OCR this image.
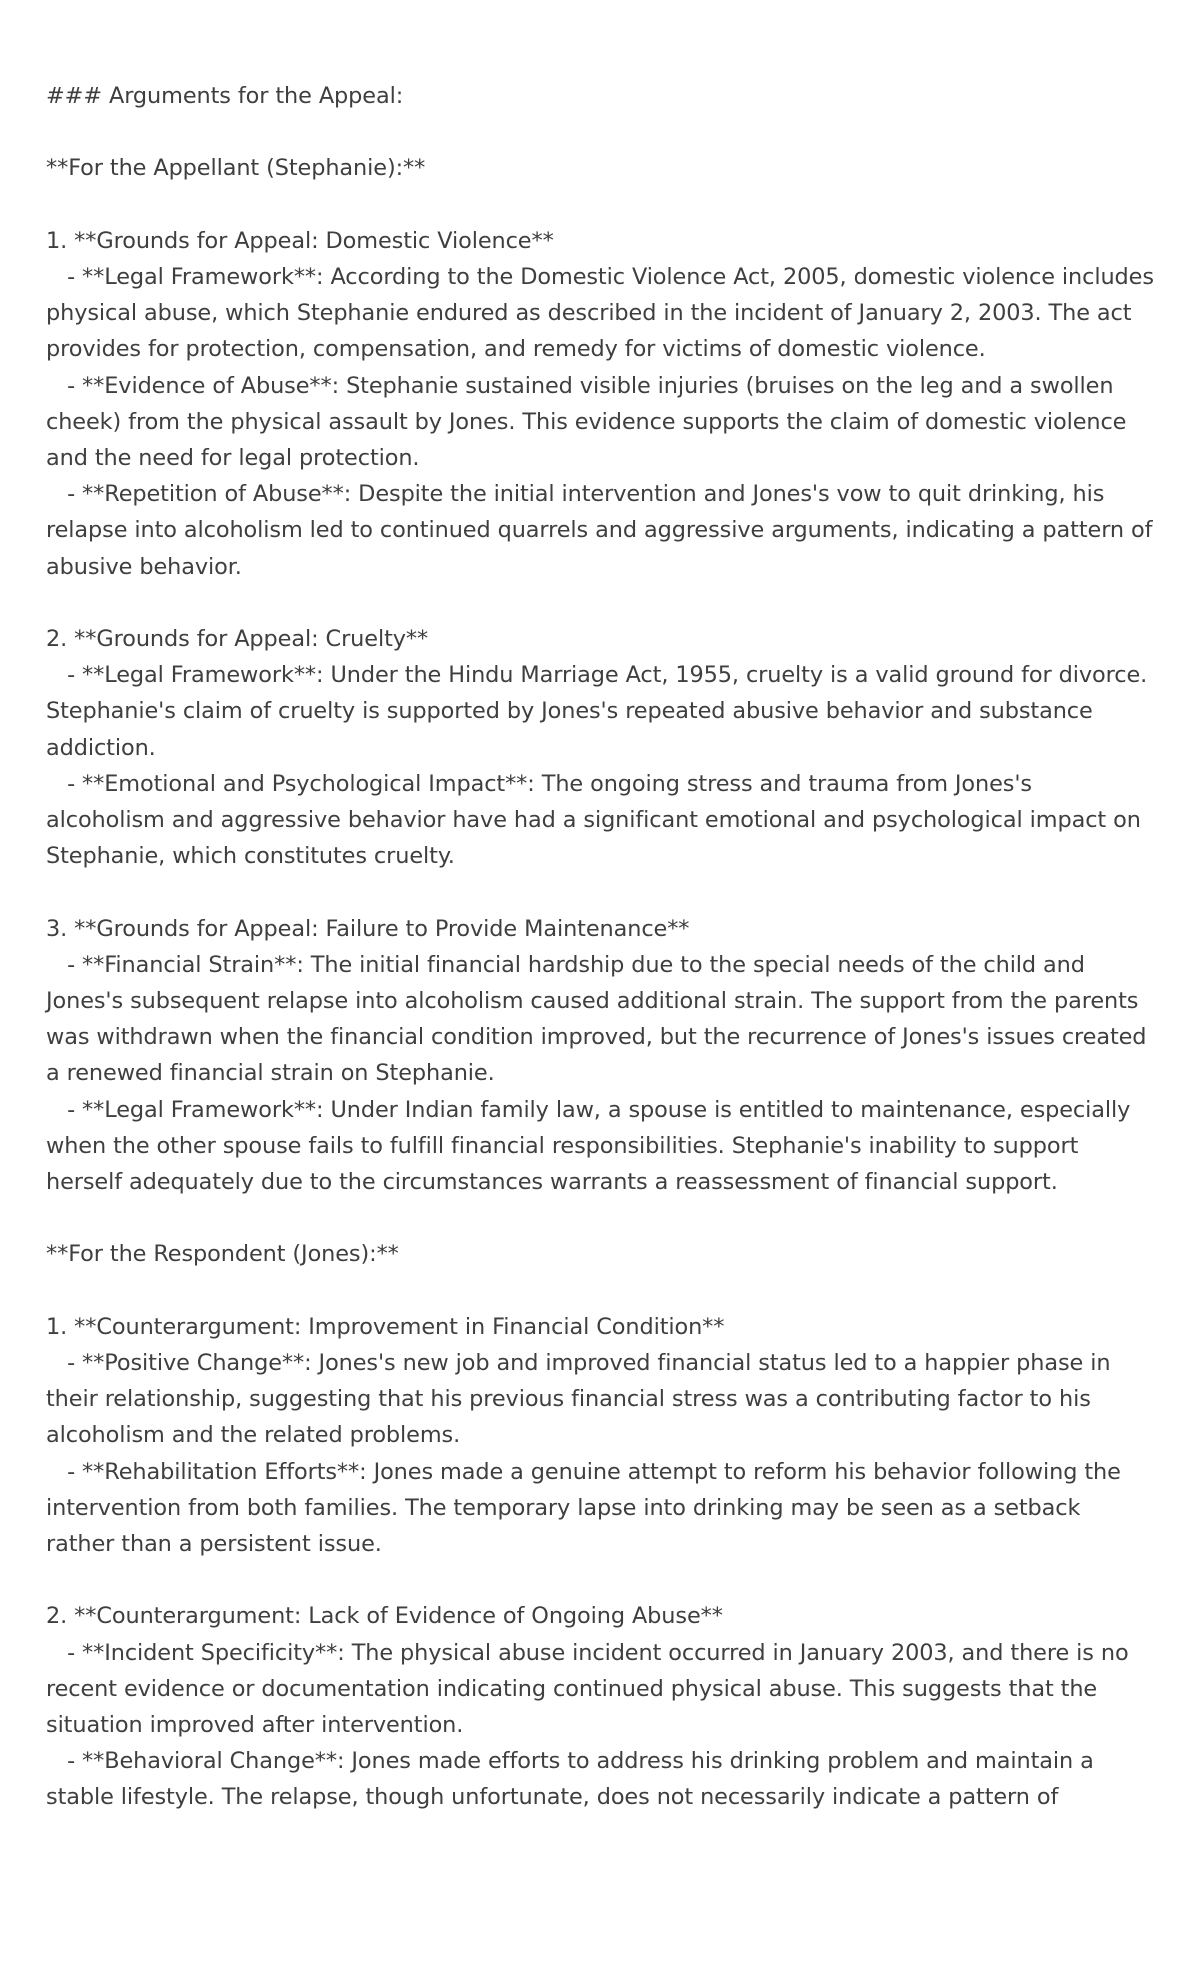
### Arguments for the Appeal:

**For the Appellant (Stephanie):**

1. **Grounds for Appeal: Domestic Violence**

- **Legal Framework**: According to the Domestic Violence Act, 2005, domestic violence includes physical abuse, which Stephanie endured as described in the incident of January 2, 2003. The act provides for protection, compensation, and remedy for victims of domestic violence.

- **Evidence of Abuse**: Stephanie sustained visible injuries (bruises on the leg and a swollen cheek) from the physical assault by Jones. This evidence supports the claim of domestic violence and the need for legal protection.

- **Repetition of Abuse**: Despite the initial intervention and Jones's vow to quit drinking, his relapse into alcoholism led to continued quarrels and aggressive arguments, indicating a pattern of abusive behavior.

2. **Grounds for Appeal: Cruelty**

- **Legal Framework**: Under the Hindu Marriage Act, 1955, cruelty is a valid ground for divorce. Stephanie's claim of cruelty is supported by Jones's repeated abusive behavior and substance addiction.

- **Emotional and Psychological Impact**: The ongoing stress and trauma from Jones's alcoholism and aggressive behavior have had a significant emotional and psychological impact on Stephanie, which constitutes cruelty.

3. **Grounds for Appeal: Failure to Provide Maintenance**

- **Financial Strain**: The initial financial hardship due to the special needs of the child and Jones's subsequent relapse into alcoholism caused additional strain. The support from the parents was withdrawn when the financial condition improved, but the recurrence of Jones's issues created a renewed financial strain on Stephanie.

- **Legal Framework**: Under Indian family law, a spouse is entitled to maintenance, especially when the other spouse fails to fulfill financial responsibilities. Stephanie's inability to support herself adequately due to the circumstances warrants a reassessment of financial support.

**For the Respondent (Jones):**

1. **Counterargument: Improvement in Financial Condition**

- **Positive Change**: Jones's new job and improved financial status led to a happier phase in their relationship, suggesting that his previous financial stress was a contributing factor to his alcoholism and the related problems.

- **Rehabilitation Efforts**: Jones made a genuine attempt to reform his behavior following the intervention from both families. The temporary lapse into drinking may be seen as a setback rather than a persistent issue.

2. **Counterargument: Lack of Evidence of Ongoing Abuse**

- **Incident Specificity**: The physical abuse incident occurred in January 2003, and there is no recent evidence or documentation indicating continued physical abuse. This suggests that the situation improved after intervention.

- **Behavioral Change**: Jones made efforts to address his drinking problem and maintain a stable lifestyle. The relapse, though unfortunate, does not necessarily indicate a pattern of
